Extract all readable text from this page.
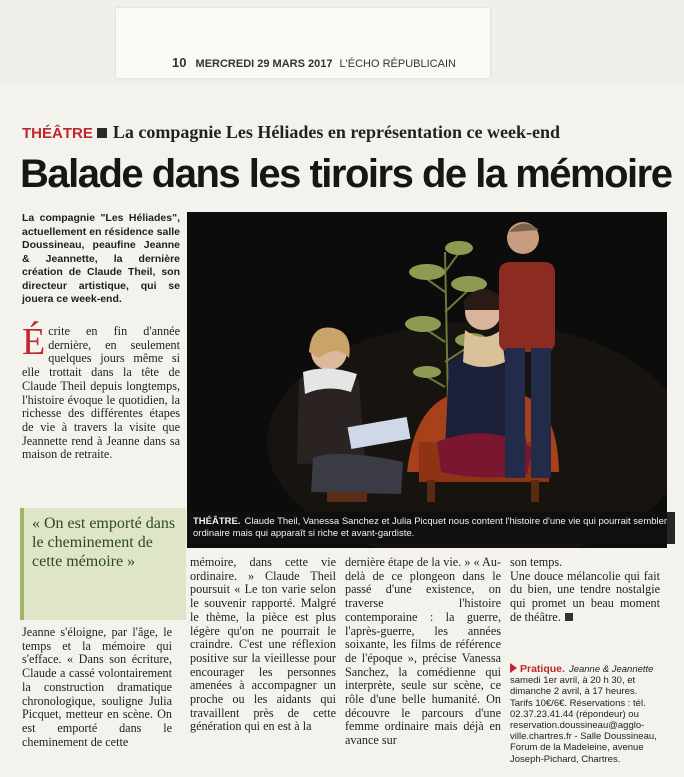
10 MERCREDI 29 MARS 2017 L'ÉCHO RÉPUBLICAIN
THÉÂTRE La compagnie Les Héliades en représentation ce week-end
Balade dans les tiroirs de la mémoire
La compagnie "Les Héliades", actuellement en résidence salle Doussineau, peaufine Jeanne & Jeannette, la dernière création de Claude Theil, son directeur artistique, qui se jouera ce week-end.
É crite en fin d'année dernière, en seulement quelques jours même si elle trottait dans la tête de Claude Theil depuis longtemps, l'histoire évoque le quotidien, la richesse des différentes étapes de vie à travers la visite que Jeannette rend à Jeanne dans sa maison de retraite.

THÉÂTRE. Claude Theil, Vanessa Sanchez et Julia Picquet nous content l'histoire d'une vie qui pourrait sembler ordinaire mais qui apparaît si riche et avant-gardiste.
« On est emporté dans le cheminement de cette mémoire »

Jeanne s'éloigne, par l'âge, le temps et la mémoire qui s'efface. « Dans son écriture, Claude a cassé volontairement la construction dramatique chronologique, souligne Julia Picquet, metteur en scène. On est emporté dans le cheminement de cette

mémoire, dans cette vie ordinaire. » Claude Theil poursuit « Le ton varie selon le souvenir rapporté. Malgré le thème, la pièce est plus légère qu'on ne pourrait le craindre. C'est une réflexion positive sur la vieillesse pour encourager les personnes amenées à accompagner un proche ou les aidants qui travaillent près de cette génération qui en est à la

dernière étape de la vie. » « Au-delà de ce plongeon dans le passé d'une existence, on traverse l'histoire contemporaine : la guerre, l'après-guerre, les années soixante, les films de référence de l'époque », précise Vanessa Sanchez, la comédienne qui interprète, seule sur scène, ce rôle d'une belle humanité. On découvre le parcours d'une femme ordinaire mais déjà en avance sur

son temps.

Une douce mélancolie qui fait du bien, une tendre nostalgie qui promet un beau moment de théâtre.

Pratique. Jeanne & Jeannette
samedi 1er avril, à 20 h 30, et dimanche 2 avril, à 17 heures. Tarifs 10€/6€. Réservations : tél. 02.37.23.41.44 (répondeur) ou reservation.doussineau@agglo-ville.chartres.fr - Salle Doussineau, Forum de la Madeleine, avenue Joseph-Pichard, Chartres.
